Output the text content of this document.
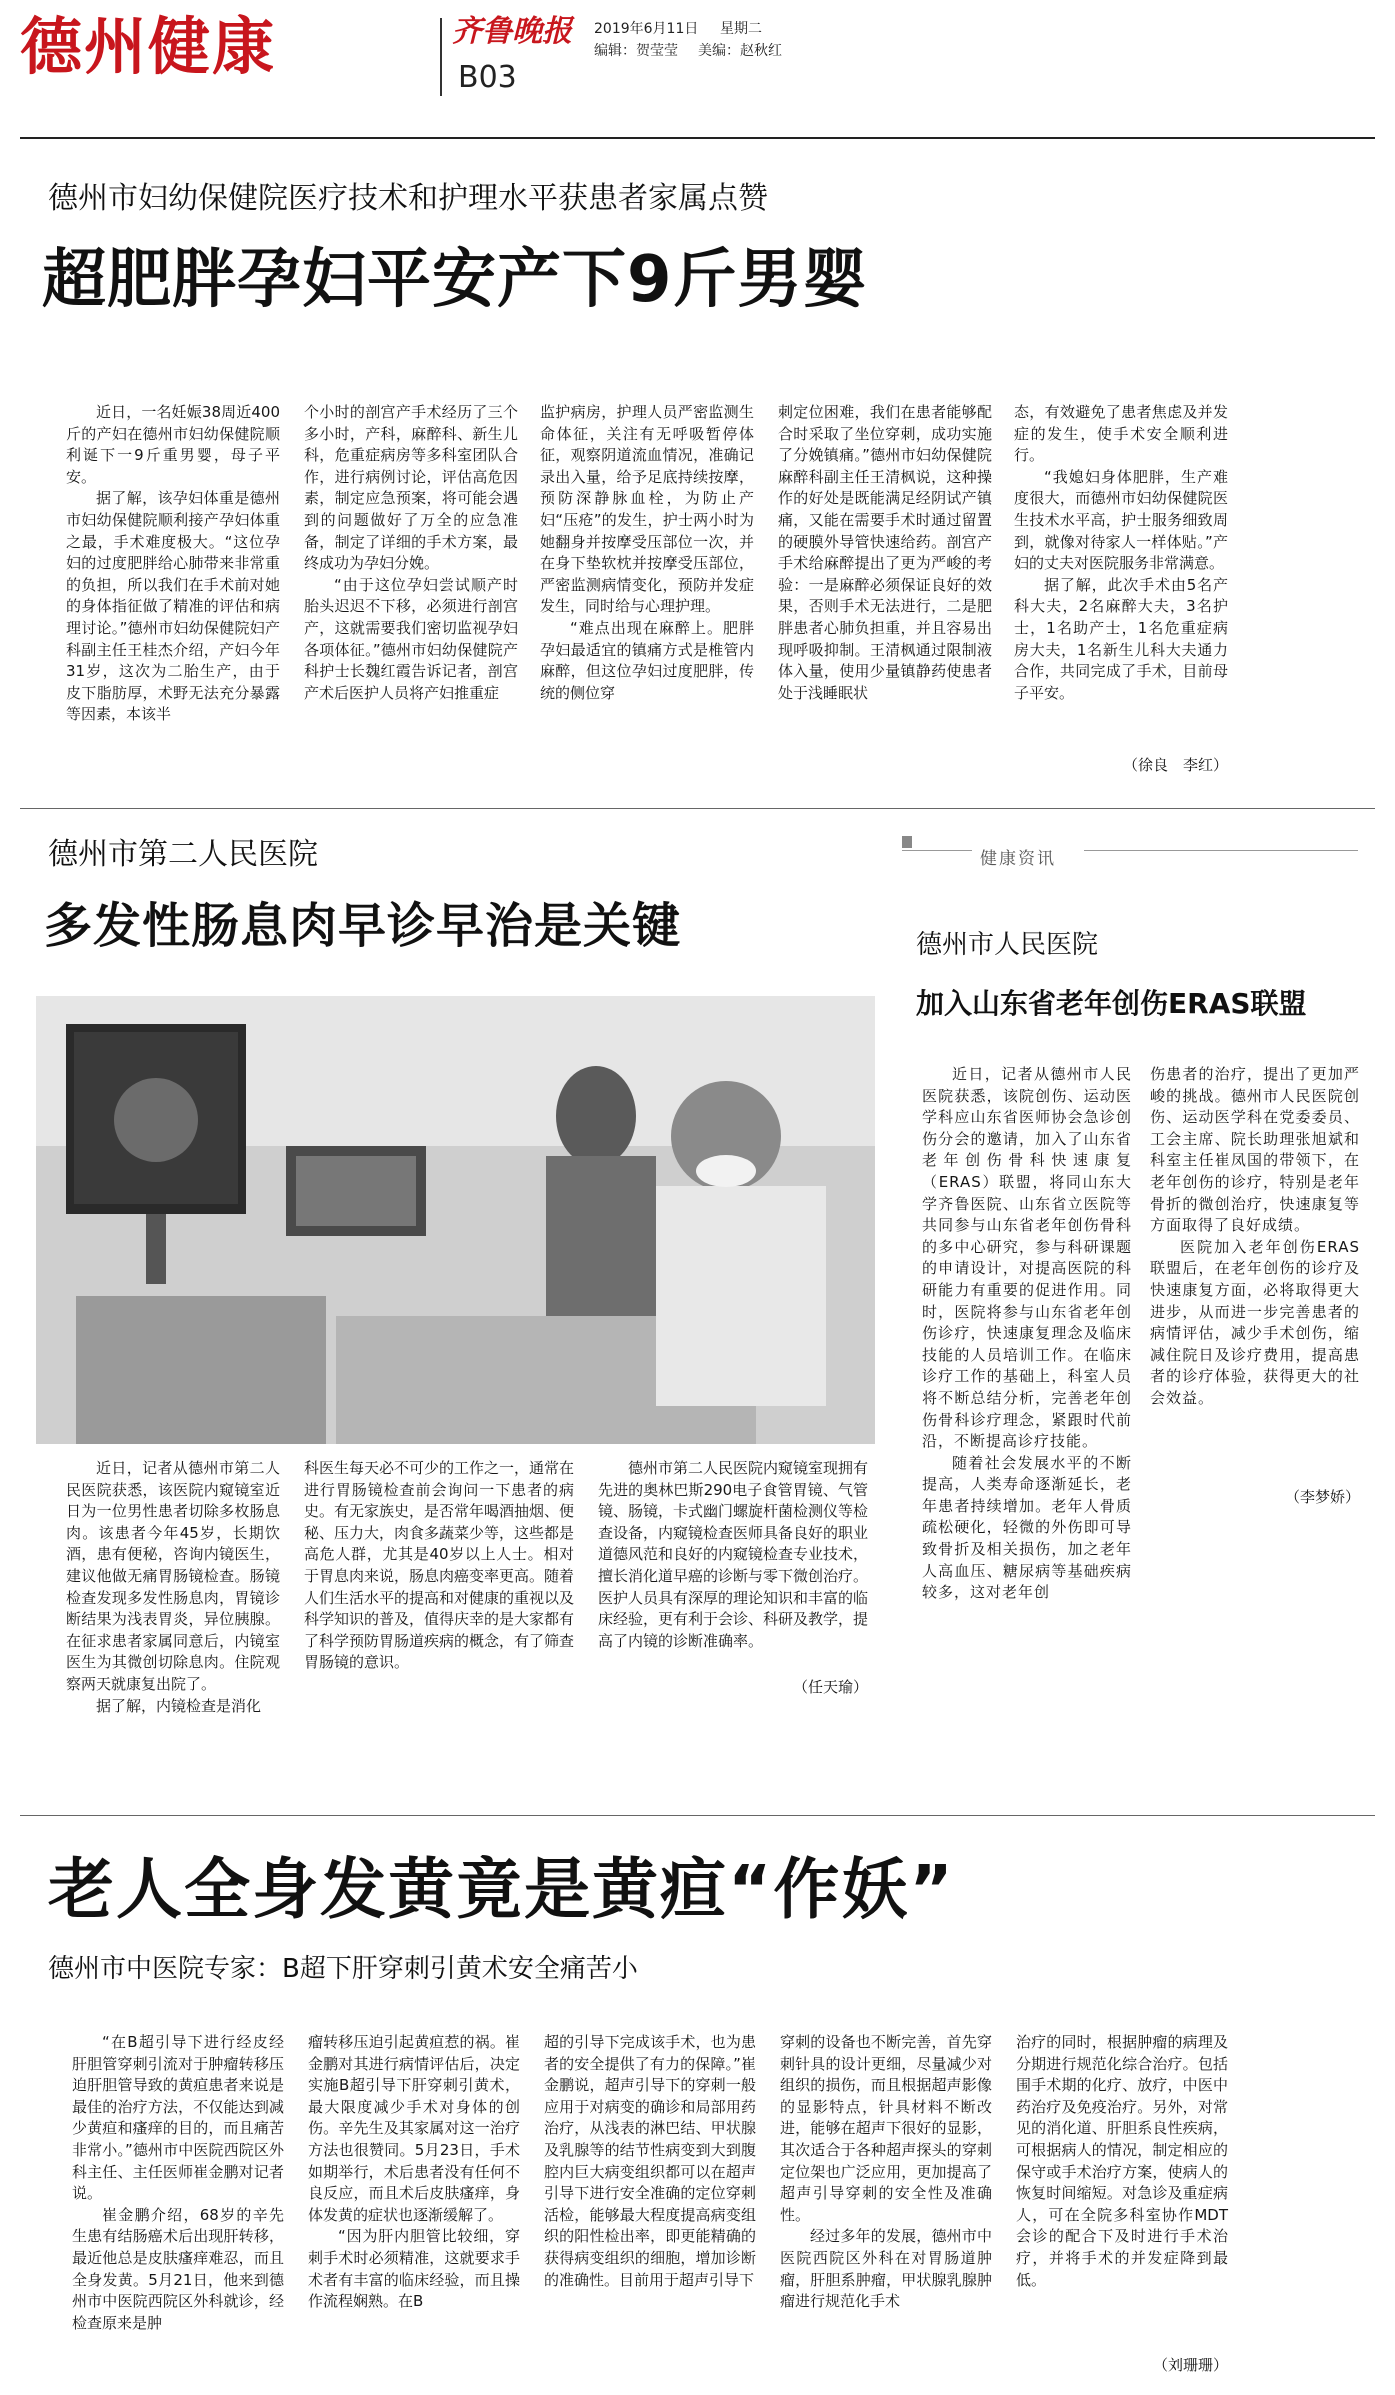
德州健康	齐鲁晚报
B03
2019年6月11日 星期二
编辑：贺莹莹 美编：赵秋红
德州市妇幼保健院医疗技术和护理水平获患者家属点赞
超肥胖孕妇平安产下9斤男婴

近日，一名妊娠38周近400斤的产妇在德州市妇幼保健院顺利诞下一9斤重男婴，母子平安。

据了解，该孕妇体重是德州市妇幼保健院顺利接产孕妇体重之最，手术难度极大。“这位孕妇的过度肥胖给心肺带来非常重的负担，所以我们在手术前对她的身体指征做了精准的评估和病理讨论。”德州市妇幼保健院妇产科副主任王桂杰介绍，产妇今年31岁，这次为二胎生产，由于皮下脂肪厚，术野无法充分暴露等因素，本该半

个小时的剖宫产手术经历了三个多小时，产科，麻醉科、新生儿科，危重症病房等多科室团队合作，进行病例讨论，评估高危因素，制定应急预案，将可能会遇到的问题做好了万全的应急准备，制定了详细的手术方案，最终成功为孕妇分娩。

“由于这位孕妇尝试顺产时胎头迟迟不下移，必须进行剖宫产，这就需要我们密切监视孕妇各项体征。”德州市妇幼保健院产科护士长魏红霞告诉记者，剖宫产术后医护人员将产妇推重症

监护病房，护理人员严密监测生命体征，关注有无呼吸暂停体征，观察阴道流血情况，准确记录出入量，给予足底持续按摩，预防深静脉血栓，为防止产妇“压疮”的发生，护士两小时为她翻身并按摩受压部位一次，并在身下垫软枕并按摩受压部位，严密监测病情变化，预防并发症发生，同时给与心理护理。

“难点出现在麻醉上。肥胖孕妇最适宜的镇痛方式是椎管内麻醉，但这位孕妇过度肥胖，传统的侧位穿

刺定位困难，我们在患者能够配合时采取了坐位穿刺，成功实施了分娩镇痛。”德州市妇幼保健院麻醉科副主任王清枫说，这种操作的好处是既能满足经阴试产镇痛，又能在需要手术时通过留置的硬膜外导管快速给药。剖宫产手术给麻醉提出了更为严峻的考验：一是麻醉必须保证良好的效果，否则手术无法进行，二是肥胖患者心肺负担重，并且容易出现呼吸抑制。王清枫通过限制液体入量，使用少量镇静药使患者处于浅睡眠状

态，有效避免了患者焦虑及并发症的发生，使手术安全顺利进行。

“我媳妇身体肥胖，生产难度很大，而德州市妇幼保健院医生技术水平高，护士服务细致周到，就像对待家人一样体贴。”产妇的丈夫对医院服务非常满意。

据了解，此次手术由5名产科大夫，2名麻醉大夫，3名护士，1名助产士，1名危重症病房大夫，1名新生儿科大夫通力合作，共同完成了手术，目前母子平安。

（徐良　李红）
德州市第二人民医院
多发性肠息肉早诊早治是关键

近日，记者从德州市第二人民医院获悉，该医院内窥镜室近日为一位男性患者切除多枚肠息肉。该患者今年45岁，长期饮酒，患有便秘，咨询内镜医生，建议他做无痛胃肠镜检查。肠镜检查发现多发性肠息肉，胃镜诊断结果为浅表胃炎，异位胰腺。在征求患者家属同意后，内镜室医生为其微创切除息肉。住院观察两天就康复出院了。

据了解，内镜检查是消化

科医生每天必不可少的工作之一，通常在进行胃肠镜检查前会询问一下患者的病史。有无家族史，是否常年喝酒抽烟、便秘、压力大，肉食多蔬菜少等，这些都是高危人群，尤其是40岁以上人士。相对于胃息肉来说，肠息肉癌变率更高。随着人们生活水平的提高和对健康的重视以及科学知识的普及，值得庆幸的是大家都有了科学预防胃肠道疾病的概念，有了筛查胃肠镜的意识。

德州市第二人民医院内窥镜室现拥有先进的奥林巴斯290电子食管胃镜、气管镜、肠镜，卡式幽门螺旋杆菌检测仪等检查设备，内窥镜检查医师具备良好的职业道德风范和良好的内窥镜检查专业技术，擅长消化道早癌的诊断与零下微创治疗。医护人员具有深厚的理论知识和丰富的临床经验，更有利于会诊、科研及教学，提高了内镜的诊断准确率。

（任天瑜）
健康资讯
德州市人民医院
加入山东省老年创伤ERAS联盟

近日，记者从德州市人民医院获悉，该院创伤、运动医学科应山东省医师协会急诊创伤分会的邀请，加入了山东省老年创伤骨科快速康复（ERAS）联盟，将同山东大学齐鲁医院、山东省立医院等共同参与山东省老年创伤骨科的多中心研究，参与科研课题的申请设计，对提高医院的科研能力有重要的促进作用。同时，医院将参与山东省老年创伤诊疗，快速康复理念及临床技能的人员培训工作。在临床诊疗工作的基础上，科室人员将不断总结分析，完善老年创伤骨科诊疗理念，紧跟时代前沿，不断提高诊疗技能。

随着社会发展水平的不断提高，人类寿命逐渐延长，老年患者持续增加。老年人骨质疏松硬化，轻微的外伤即可导致骨折及相关损伤，加之老年人高血压、糖尿病等基础疾病较多，这对老年创

伤患者的治疗，提出了更加严峻的挑战。德州市人民医院创伤、运动医学科在党委委员、工会主席、院长助理张旭斌和科室主任崔凤国的带领下，在老年创伤的诊疗，特别是老年骨折的微创治疗，快速康复等方面取得了良好成绩。

医院加入老年创伤ERAS联盟后，在老年创伤的诊疗及快速康复方面，必将取得更大进步，从而进一步完善患者的病情评估，减少手术创伤，缩减住院日及诊疗费用，提高患者的诊疗体验，获得更大的社会效益。

（李梦娇）
老人全身发黄竟是黄疸“作妖”
德州市中医院专家：B超下肝穿刺引黄术安全痛苦小

“在B超引导下进行经皮经肝胆管穿刺引流对于肿瘤转移压迫肝胆管导致的黄疸患者来说是最佳的治疗方法，不仅能达到减少黄疸和瘙痒的目的，而且痛苦非常小。”德州市中医院西院区外科主任、主任医师崔金鹏对记者说。

崔金鹏介绍，68岁的辛先生患有结肠癌术后出现肝转移，最近他总是皮肤瘙痒难忍，而且全身发黄。5月21日，他来到德州市中医院西院区外科就诊，经检查原来是肿

瘤转移压迫引起黄疸惹的祸。崔金鹏对其进行病情评估后，决定实施B超引导下肝穿刺引黄术，最大限度减少手术对身体的创伤。辛先生及其家属对这一治疗方法也很赞同。5月23日，手术如期举行，术后患者没有任何不良反应，而且术后皮肤瘙痒，身体发黄的症状也逐渐缓解了。

“因为肝内胆管比较细，穿刺手术时必须精准，这就要求手术者有丰富的临床经验，而且操作流程娴熟。在B

超的引导下完成该手术，也为患者的安全提供了有力的保障。”崔金鹏说，超声引导下的穿刺一般应用于对病变的确诊和局部用药治疗，从浅表的淋巴结、甲状腺及乳腺等的结节性病变到大到腹腔内巨大病变组织都可以在超声引导下进行安全准确的定位穿刺活检，能够最大程度提高病变组织的阳性检出率，即更能精确的获得病变组织的细胞，增加诊断的准确性。目前用于超声引导下

穿刺的设备也不断完善，首先穿刺针具的设计更细，尽量减少对组织的损伤，而且根据超声影像的显影特点，针具材料不断改进，能够在超声下很好的显影，其次适合于各种超声探头的穿刺定位架也广泛应用，更加提高了超声引导穿刺的安全性及准确性。

经过多年的发展，德州市中医院西院区外科在对胃肠道肿瘤，肝胆系肿瘤，甲状腺乳腺肿瘤进行规范化手术

治疗的同时，根据肿瘤的病理及分期进行规范化综合治疗。包括围手术期的化疗、放疗，中医中药治疗及免疫治疗。另外，对常见的消化道、肝胆系良性疾病，可根据病人的情况，制定相应的保守或手术治疗方案，使病人的恢复时间缩短。对急诊及重症病人，可在全院多科室协作MDT会诊的配合下及时进行手术治疗，并将手术的并发症降到最低。

（刘珊珊）
